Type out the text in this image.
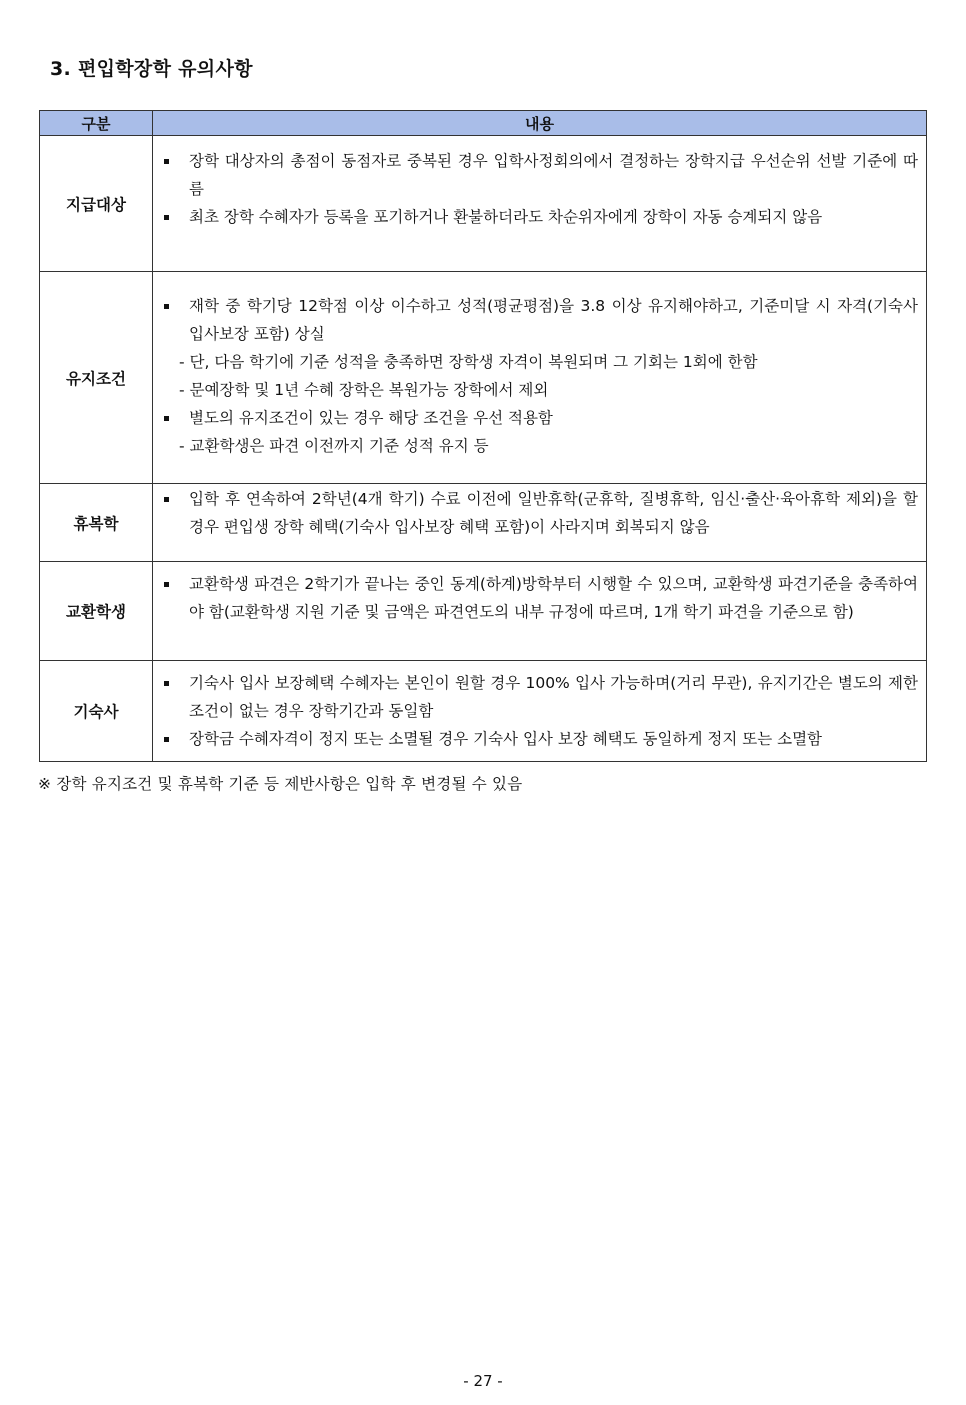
3. 편입학장학 유의사항
구분	내용
지급대상	장학 대상자의 총점이 동점자로 중복된 경우 입학사정회의에서 결정하는 장학지급 우선순위 선발 기준에 따름
최초 장학 수혜자가 등록을 포기하거나 환불하더라도 차순위자에게 장학이 자동 승계되지 않음

유지조건	재학 중 학기당 12학점 이상 이수하고 성적(평균평점)을 3.8 이상 유지해야하고, 기준미달 시 자격(기숙사 입사보장 포함) 상실
- 단, 다음 학기에 기준 성적을 충족하면 장학생 자격이 복원되며 그 기회는 1회에 한함
- 문예장학 및 1년 수혜 장학은 복원가능 장학에서 제외
별도의 유지조건이 있는 경우 해당 조건을 우선 적용함
- 교환학생은 파견 이전까지 기준 성적 유지 등

휴복학	입학 후 연속하여 2학년(4개 학기) 수료 이전에 일반휴학(군휴학, 질병휴학, 임신·출산·육아휴학 제외)을 할 경우 편입생 장학 혜택(기숙사 입사보장 혜택 포함)이 사라지며 회복되지 않음

교환학생	교환학생 파견은 2학기가 끝나는 중인 동계(하계)방학부터 시행할 수 있으며, 교환학생 파견기준을 충족하여야 함(교환학생 지원 기준 및 금액은 파견연도의 내부 규정에 따르며, 1개 학기 파견을 기준으로 함)

기숙사	기숙사 입사 보장혜택 수혜자는 본인이 원할 경우 100% 입사 가능하며(거리 무관), 유지기간은 별도의 제한조건이 없는 경우 장학기간과 동일함
장학금 수혜자격이 정지 또는 소멸될 경우 기숙사 입사 보장 혜택도 동일하게 정지 또는 소멸함
※ 장학 유지조건 및 휴복학 기준 등 제반사항은 입학 후 변경될 수 있음
- 27 -
